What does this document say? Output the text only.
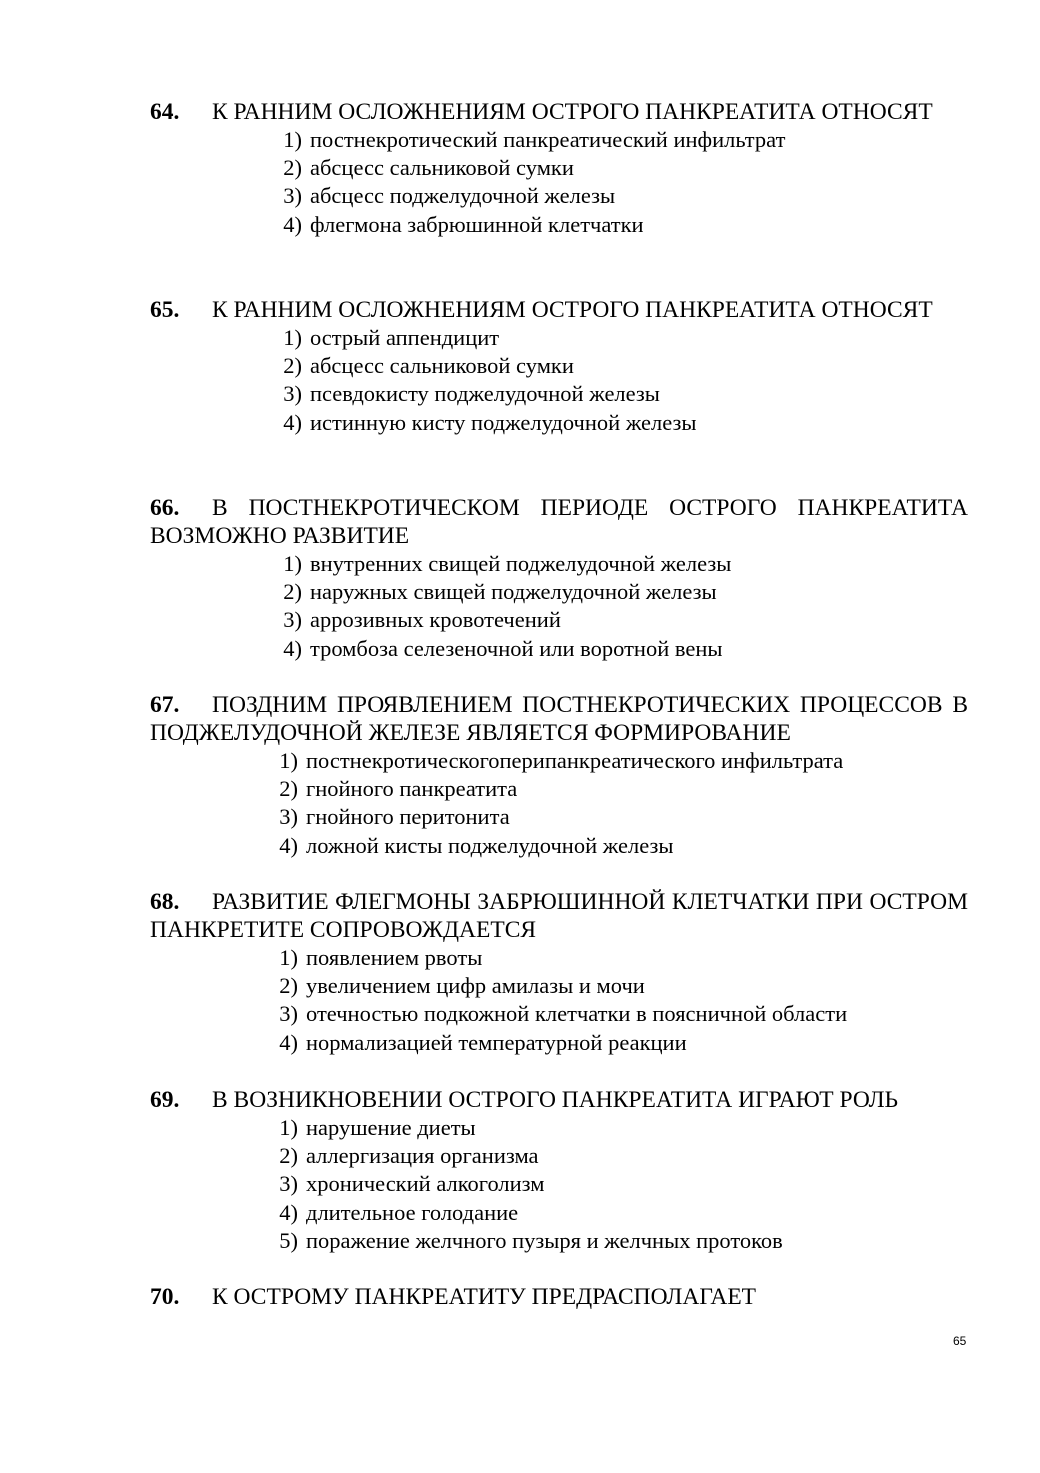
64. К РАННИМ ОСЛОЖНЕНИЯМ ОСТРОГО ПАНКРЕАТИТА ОТНОСЯТ

1) постнекротический панкреатический инфильтрат
2) абсцесс сальниковой сумки
3) абсцесс поджелудочной железы
4) флегмона забрюшинной клетчатки

65. К РАННИМ ОСЛОЖНЕНИЯМ ОСТРОГО ПАНКРЕАТИТА ОТНОСЯТ

1) острый аппендицит
2) абсцесс сальниковой сумки
3) псевдокисту поджелудочной железы
4) истинную кисту поджелудочной железы

66. В ПОСТНЕКРОТИЧЕСКОМ ПЕРИОДЕ ОСТРОГО ПАНКРЕАТИТА ВОЗМОЖНО РАЗВИТИЕ

1) внутренних свищей поджелудочной железы
2) наружных свищей поджелудочной железы
3) аррозивных кровотечений
4) тромбоза селезеночной или воротной вены

67. ПОЗДНИМ ПРОЯВЛЕНИЕМ ПОСТНЕКРОТИЧЕСКИХ ПРОЦЕССОВ В ПОДЖЕЛУДОЧНОЙ ЖЕЛЕЗЕ ЯВЛЯЕТСЯ ФОРМИРОВАНИЕ

1) постнекротическогоперипанкреатического инфильтрата
2) гнойного панкреатита
3) гнойного перитонита
4) ложной кисты поджелудочной железы

68. РАЗВИТИЕ ФЛЕГМОНЫ ЗАБРЮШИННОЙ КЛЕТЧАТКИ ПРИ ОСТРОМ ПАНКРЕТИТЕ СОПРОВОЖДАЕТСЯ

1) появлением рвоты
2) увеличением цифр амилазы и мочи
3) отечностью подкожной клетчатки в поясничной области
4) нормализацией температурной реакции

69. В ВОЗНИКНОВЕНИИ ОСТРОГО ПАНКРЕАТИТА ИГРАЮТ РОЛЬ

1) нарушение диеты
2) аллергизация организма
3) хронический алкоголизм
4) длительное голодание
5) поражение желчного пузыря и желчных протоков

70. К ОСТРОМУ ПАНКРЕАТИТУ ПРЕДРАСПОЛАГАЕТ

65
